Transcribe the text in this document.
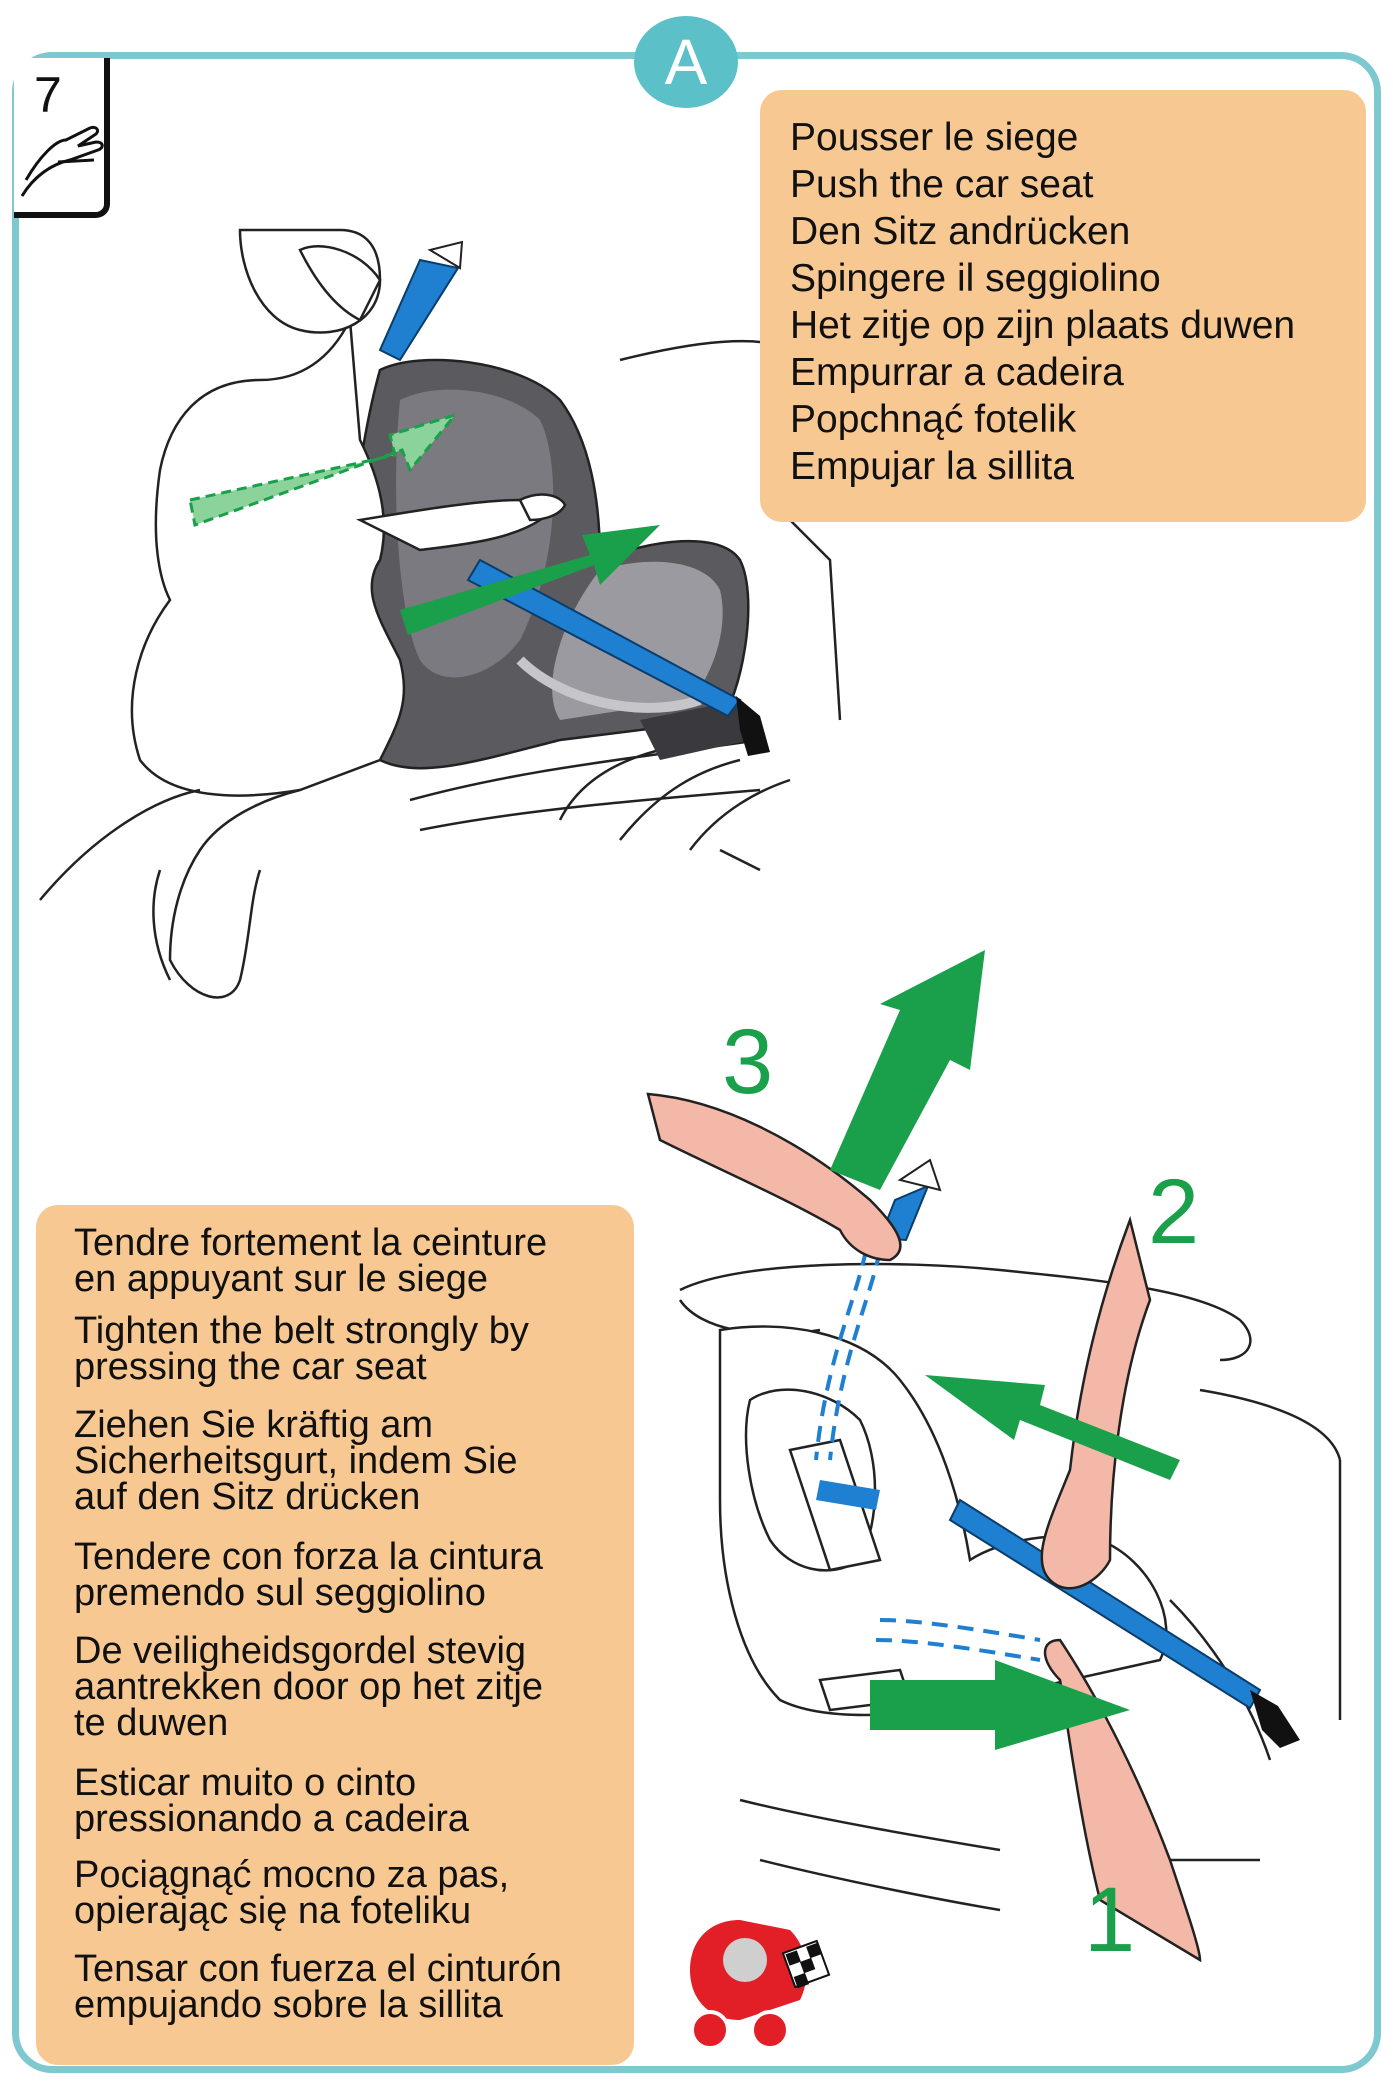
A
7
3
2
1
Pousser le siege
Push the car seat
Den Sitz andrücken
Spingere il seggiolino
Het zitje op zijn plaats duwen
Empurrar a cadeira
Popchnąć fotelik
Empujar la sillita
Tendre fortement la ceinture
en appuyant sur le siege
Tighten the belt strongly by
pressing the car seat
Ziehen Sie kräftig am
Sicherheitsgurt, indem Sie
auf den Sitz drücken
Tendere con forza la cintura
premendo sul seggiolino
De veiligheidsgordel stevig
aantrekken door op het zitje
te duwen
Esticar muito o cinto
pressionando a cadeira
Pociągnąć mocno za pas,
opierając się na foteliku
Tensar con fuerza el cinturón
empujando sobre la sillita
